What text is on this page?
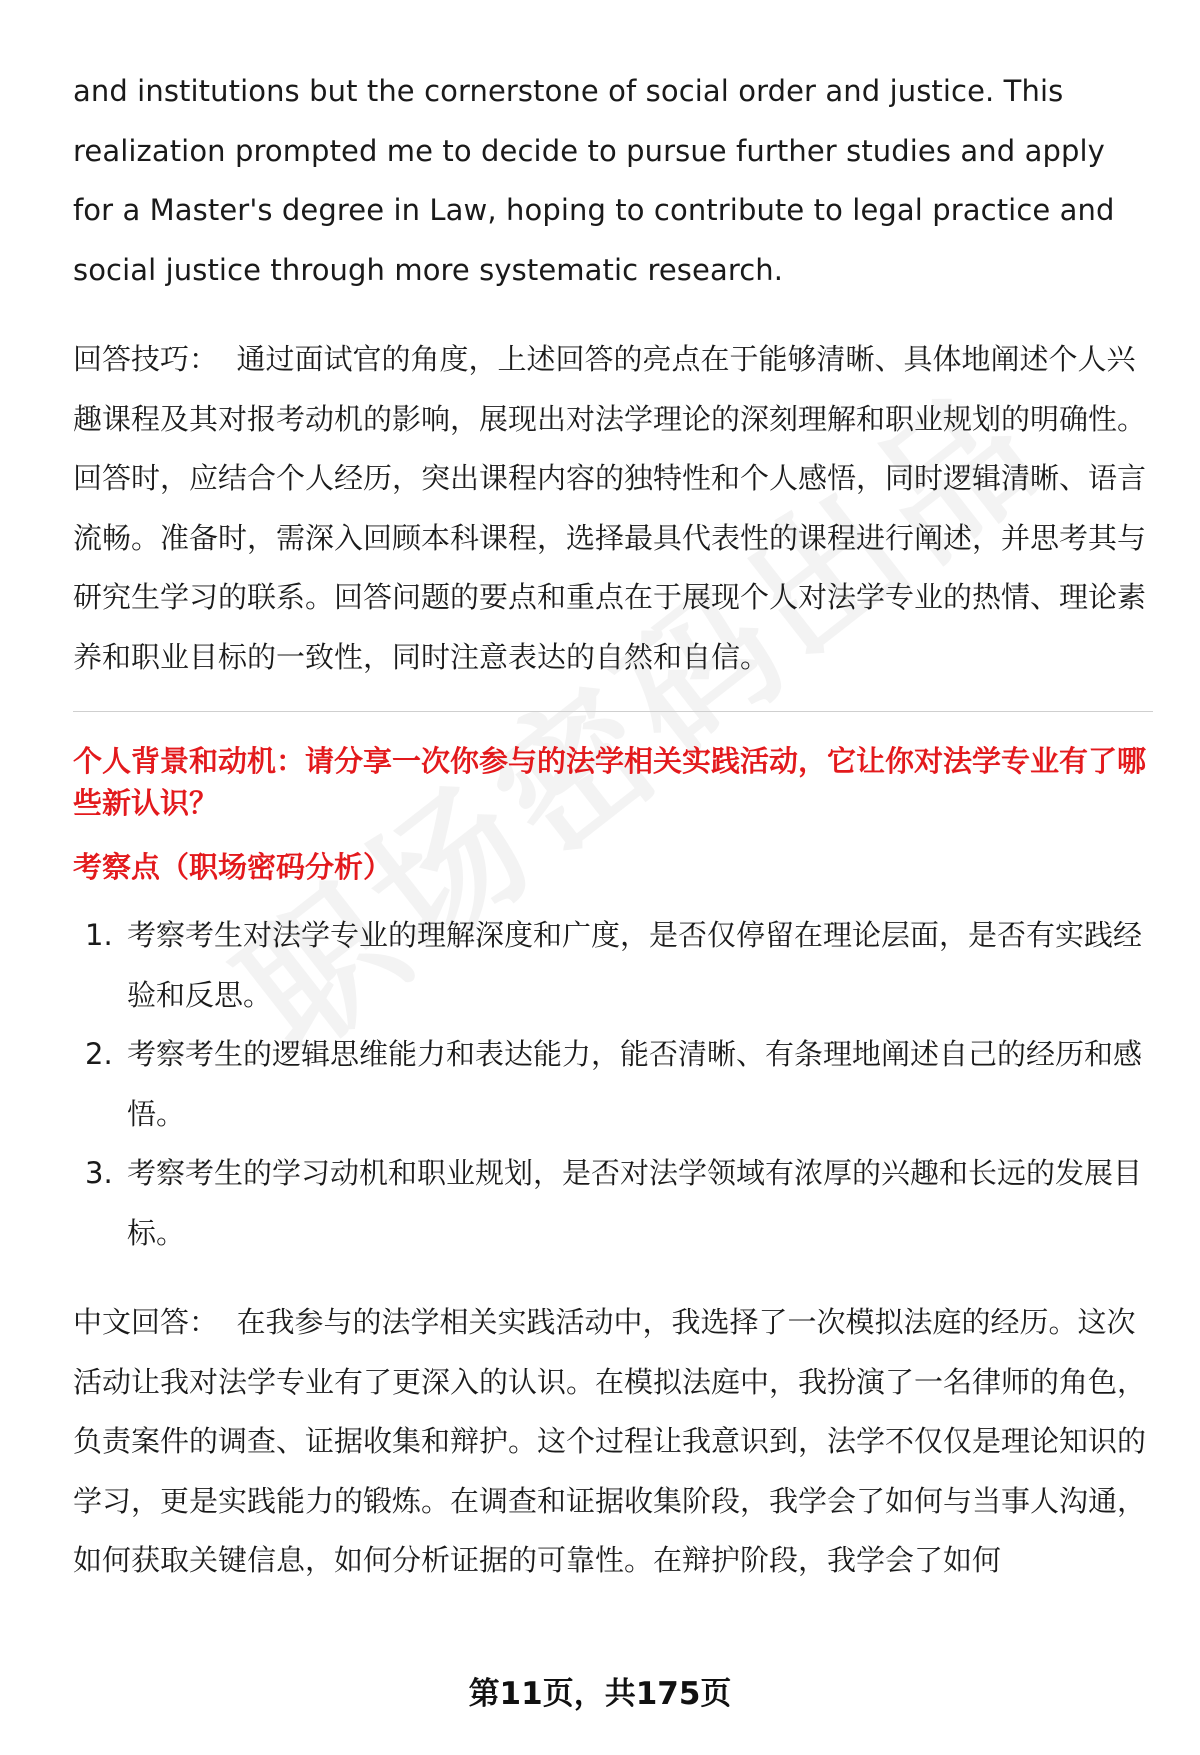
and institutions but the cornerstone of social order and justice. This realization prompted me to decide to pursue further studies and apply for a Master's degree in Law, hoping to contribute to legal practice and social justice through more systematic research.

回答技巧： 通过面试官的角度，上述回答的亮点在于能够清晰、具体地阐述个人兴趣课程及其对报考动机的影响，展现出对法学理论的深刻理解和职业规划的明确性。回答时，应结合个人经历，突出课程内容的独特性和个人感悟，同时逻辑清晰、语言流畅。准备时，需深入回顾本科课程，选择最具代表性的课程进行阐述，并思考其与研究生学习的联系。回答问题的要点和重点在于展现个人对法学专业的热情、理论素养和职业目标的一致性，同时注意表达的自然和自信。

个人背景和动机：请分享一次你参与的法学相关实践活动，它让你对法学专业有了哪些新认识？

考察点（职场密码分析）

1. 考察考生对法学专业的理解深度和广度，是否仅停留在理论层面，是否有实践经验和反思。
2. 考察考生的逻辑思维能力和表达能力，能否清晰、有条理地阐述自己的经历和感悟。
3. 考察考生的学习动机和职业规划，是否对法学领域有浓厚的兴趣和长远的发展目标。

中文回答： 在我参与的法学相关实践活动中，我选择了一次模拟法庭的经历。这次活动让我对法学专业有了更深入的认识。在模拟法庭中，我扮演了一名律师的角色，负责案件的调查、证据收集和辩护。这个过程让我意识到，法学不仅仅是理论知识的学习，更是实践能力的锻炼。在调查和证据收集阶段，我学会了如何与当事人沟通，如何获取关键信息，如何分析证据的可靠性。在辩护阶段，我学会了如何

第11页，共175页
